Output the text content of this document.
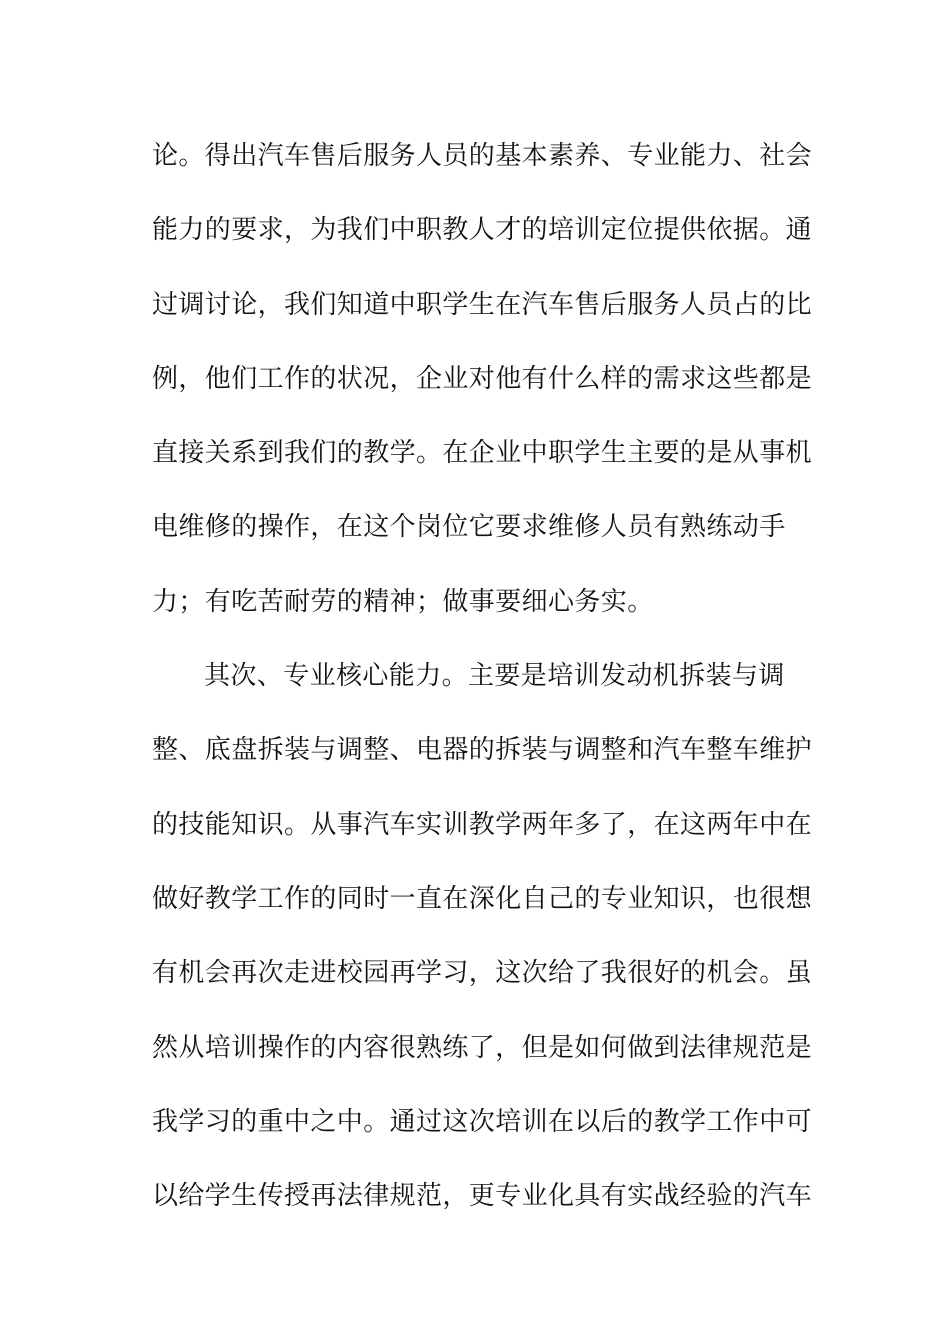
论。得出汽车售后服务人员的基本素养、专业能力、社会
能力的要求，为我们中职教人才的培训定位提供依据。通
过调讨论，我们知道中职学生在汽车售后服务人员占的比
例，他们工作的状况，企业对他有什么样的需求这些都是
直接关系到我们的教学。在企业中职学生主要的是从事机
电维修的操作，在这个岗位它要求维修人员有熟练动手
力；有吃苦耐劳的精神；做事要细心务实。
其次、专业核心能力。主要是培训发动机拆装与调
整、底盘拆装与调整、电器的拆装与调整和汽车整车维护
的技能知识。从事汽车实训教学两年多了，在这两年中在
做好教学工作的同时一直在深化自己的专业知识，也很想
有机会再次走进校园再学习，这次给了我很好的机会。虽
然从培训操作的内容很熟练了，但是如何做到法律规范是
我学习的重中之中。通过这次培训在以后的教学工作中可
以给学生传授再法律规范，更专业化具有实战经验的汽车
